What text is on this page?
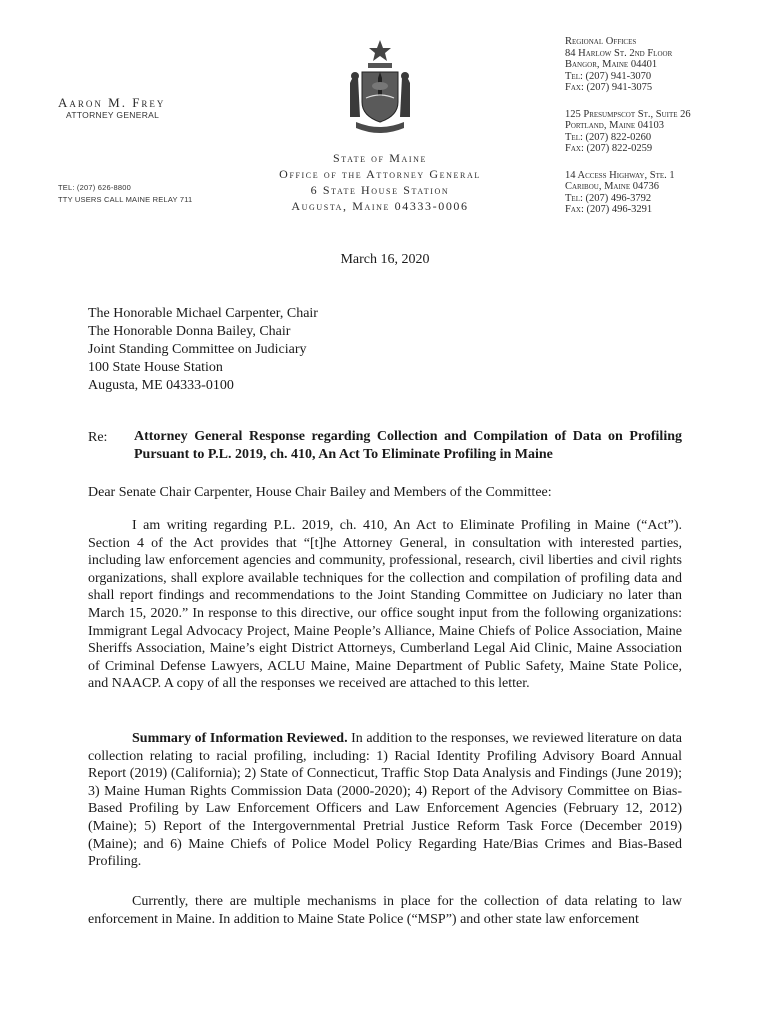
Aaron M. Frey
ATTORNEY GENERAL
TEL: (207) 626-8800
TTY USERS CALL MAINE RELAY 711
State of Maine
Office of the Attorney General
6 State House Station
Augusta, Maine 04333-0006
Regional Offices
84 Harlow St. 2nd Floor
Bangor, Maine 04401
Tel: (207) 941-3070
Fax: (207) 941-3075
125 Presumpscot St., Suite 26
Portland, Maine 04103
Tel: (207) 822-0260
Fax: (207) 822-0259
14 Access Highway, Ste. 1
Caribou, Maine 04736
Tel: (207) 496-3792
Fax: (207) 496-3291
March 16, 2020
The Honorable Michael Carpenter, Chair
The Honorable Donna Bailey, Chair
Joint Standing Committee on Judiciary
100 State House Station
Augusta, ME 04333-0100
Re: Attorney General Response regarding Collection and Compilation of Data on Profiling Pursuant to P.L. 2019, ch. 410, An Act To Eliminate Profiling in Maine
Dear Senate Chair Carpenter, House Chair Bailey and Members of the Committee:
I am writing regarding P.L. 2019, ch. 410, An Act to Eliminate Profiling in Maine (“Act”). Section 4 of the Act provides that “[t]he Attorney General, in consultation with interested parties, including law enforcement agencies and community, professional, research, civil liberties and civil rights organizations, shall explore available techniques for the collection and compilation of profiling data and shall report findings and recommendations to the Joint Standing Committee on Judiciary no later than March 15, 2020.” In response to this directive, our office sought input from the following organizations: Immigrant Legal Advocacy Project, Maine People’s Alliance, Maine Chiefs of Police Association, Maine Sheriffs Association, Maine’s eight District Attorneys, Cumberland Legal Aid Clinic, Maine Association of Criminal Defense Lawyers, ACLU Maine, Maine Department of Public Safety, Maine State Police, and NAACP. A copy of all the responses we received are attached to this letter.
Summary of Information Reviewed. In addition to the responses, we reviewed literature on data collection relating to racial profiling, including: 1) Racial Identity Profiling Advisory Board Annual Report (2019) (California); 2) State of Connecticut, Traffic Stop Data Analysis and Findings (June 2019); 3) Maine Human Rights Commission Data (2000-2020); 4) Report of the Advisory Committee on Bias-Based Profiling by Law Enforcement Officers and Law Enforcement Agencies (February 12, 2012) (Maine); 5) Report of the Intergovernmental Pretrial Justice Reform Task Force (December 2019) (Maine); and 6) Maine Chiefs of Police Model Policy Regarding Hate/Bias Crimes and Bias-Based Profiling.
Currently, there are multiple mechanisms in place for the collection of data relating to law enforcement in Maine. In addition to Maine State Police (“MSP”) and other state law enforcement
